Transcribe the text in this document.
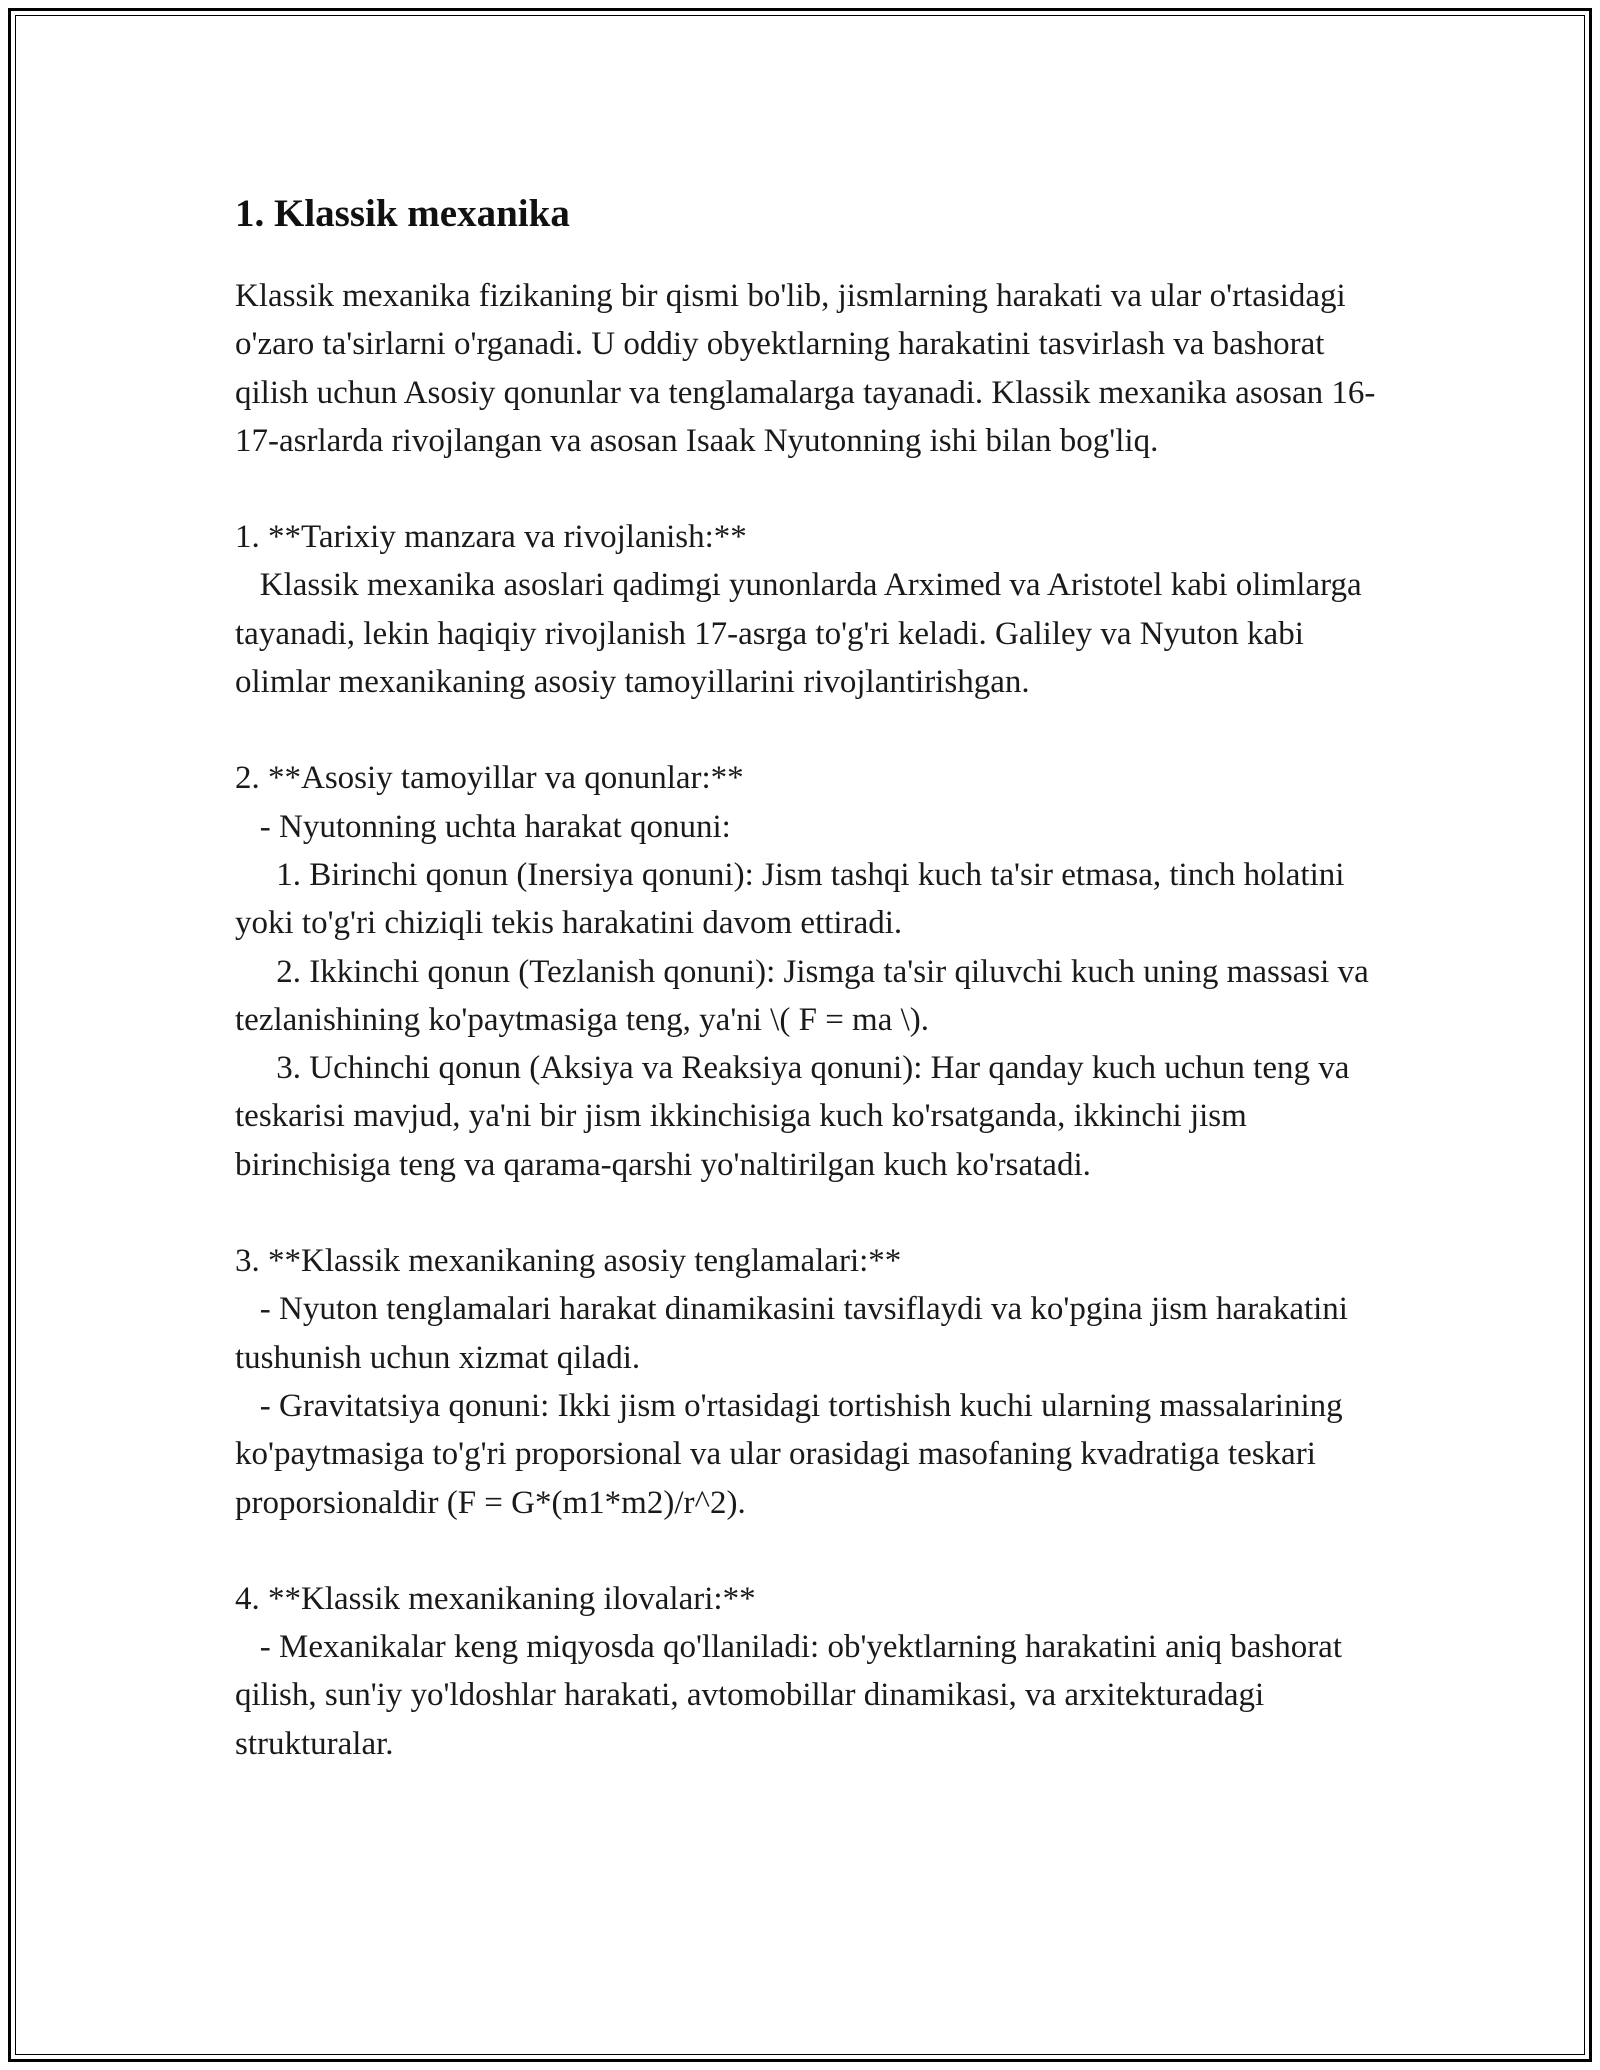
1. Klassik mexanika

Klassik mexanika fizikaning bir qismi bo'lib, jismlarning harakati va ular o'rtasidagi o'zaro ta'sirlarni o'rganadi. U oddiy obyektlarning harakatini tasvirlash va bashorat qilish uchun Asosiy qonunlar va tenglamalarga tayanadi. Klassik mexanika asosan 16-17-asrlarda rivojlangan va asosan Isaak Nyutonning ishi bilan bog'liq.

1. **Tarixiy manzara va rivojlanish:**

Klassik mexanika asoslari qadimgi yunonlarda Arximed va Aristotel kabi olimlarga tayanadi, lekin haqiqiy rivojlanish 17-asrga to'g'ri keladi. Galiley va Nyuton kabi olimlar mexanikaning asosiy tamoyillarini rivojlantirishgan.

2. **Asosiy tamoyillar va qonunlar:**

- Nyutonning uchta harakat qonuni:

1. Birinchi qonun (Inersiya qonuni): Jism tashqi kuch ta'sir etmasa, tinch holatini yoki to'g'ri chiziqli tekis harakatini davom ettiradi.

2. Ikkinchi qonun (Tezlanish qonuni): Jismga ta'sir qiluvchi kuch uning massasi va tezlanishining ko'paytmasiga teng, ya'ni \( F = ma \).

3. Uchinchi qonun (Aksiya va Reaksiya qonuni): Har qanday kuch uchun teng va teskarisi mavjud, ya'ni bir jism ikkinchisiga kuch ko'rsatganda, ikkinchi jism birinchisiga teng va qarama-qarshi yo'naltirilgan kuch ko'rsatadi.

3. **Klassik mexanikaning asosiy tenglamalari:**

- Nyuton tenglamalari harakat dinamikasini tavsiflaydi va ko'pgina jism harakatini tushunish uchun xizmat qiladi.

- Gravitatsiya qonuni: Ikki jism o'rtasidagi tortishish kuchi ularning massalarining ko'paytmasiga to'g'ri proporsional va ular orasidagi masofaning kvadratiga teskari proporsionaldir (F = G*(m1*m2)/r^2).

4. **Klassik mexanikaning ilovalari:**

- Mexanikalar keng miqyosda qo'llaniladi: ob'yektlarning harakatini aniq bashorat qilish, sun'iy yo'ldoshlar harakati, avtomobillar dinamikasi, va arxitekturadagi strukturalar.
